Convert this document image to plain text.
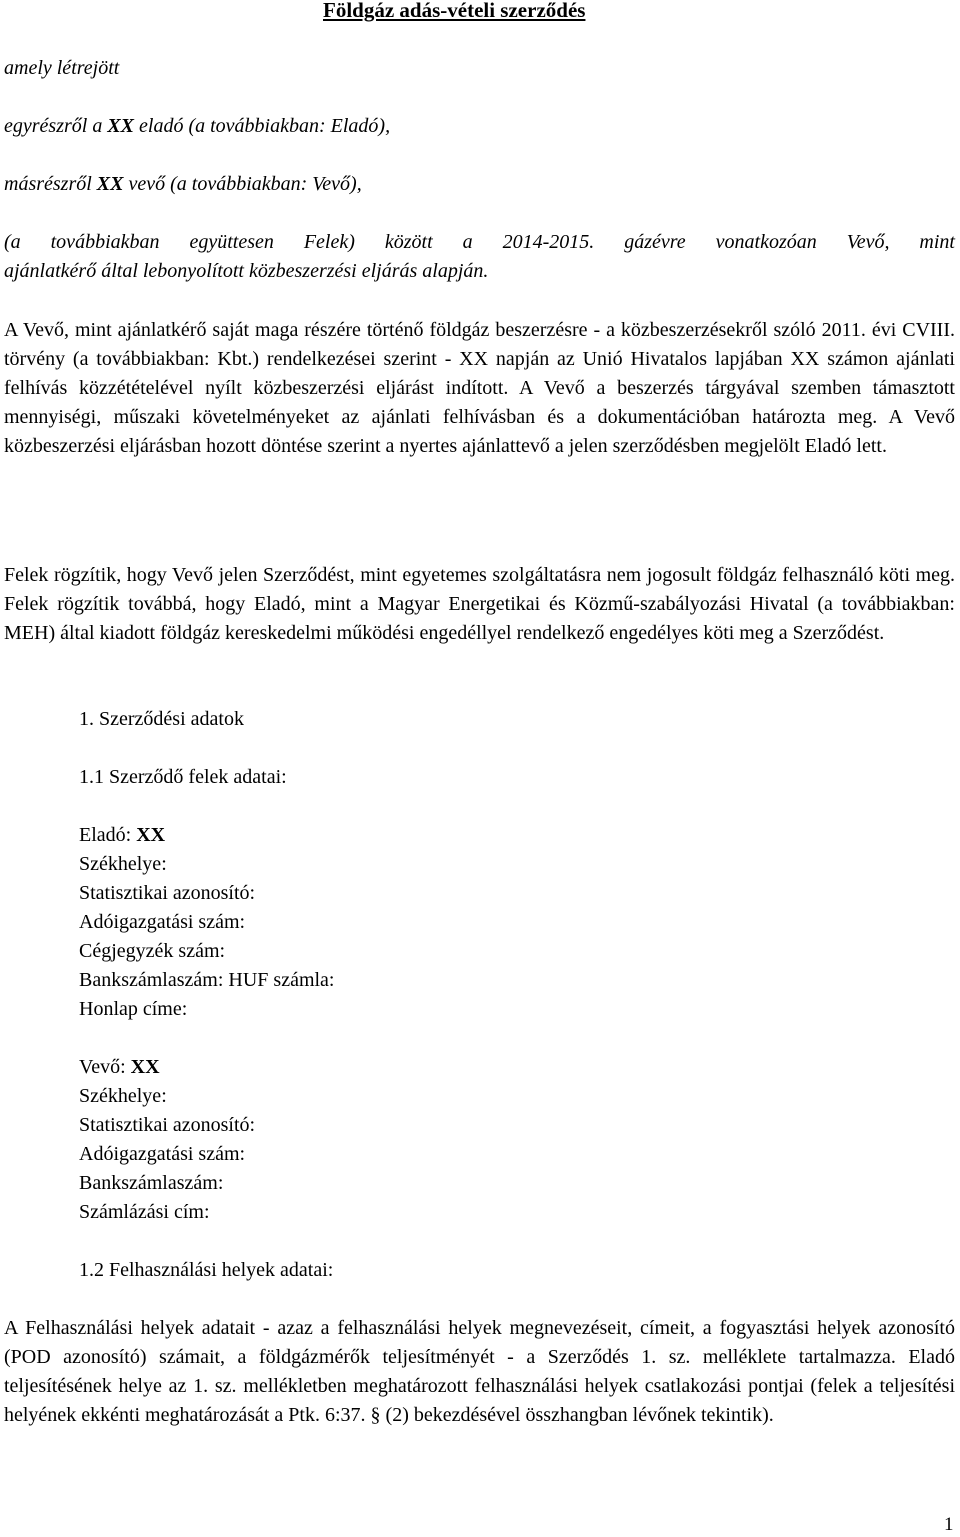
Földgáz adás-vételi szerződés
amely létrejött
egyrészről a XX eladó (a továbbiakban: Eladó),
másrészről XX vevő (a továbbiakban: Vevő),

(a továbbiakban együttesen Felek) között a 2014-2015. gázévre vonatkozóan Vevő, mint

ajánlatkérő által lebonyolított közbeszerzési eljárás alapján.

A Vevő, mint ajánlatkérő saját maga részére történő földgáz beszerzésre - a közbeszerzésekről szóló 2011. évi CVIII. törvény (a továbbiakban: Kbt.) rendelkezései szerint - XX napján az Unió Hivatalos lapjában XX számon ajánlati felhívás közzétételével nyílt közbeszerzési eljárást indított. A Vevő a beszerzés tárgyával szemben támasztott mennyiségi, műszaki követelményeket az ajánlati felhívásban és a dokumentációban határozta meg. A Vevő közbeszerzési eljárásban hozott döntése szerint a nyertes ajánlattevő a jelen szerződésben megjelölt Eladó lett.

Felek rögzítik, hogy Vevő jelen Szerződést, mint egyetemes szolgáltatásra nem jogosult földgáz felhasználó köti meg. Felek rögzítik továbbá, hogy Eladó, mint a Magyar Energetikai és Közmű-szabályozási Hivatal (a továbbiakban: MEH) által kiadott földgáz kereskedelmi működési engedéllyel rendelkező engedélyes köti meg a Szerződést.

1. Szerződési adatok
1.1 Szerződő felek adatai:
Eladó: XX
Székhelye:
Statisztikai azonosító:
Adóigazgatási szám:
Cégjegyzék szám:
Bankszámlaszám: HUF számla:
Honlap címe:
Vevő: XX
Székhelye:
Statisztikai azonosító:
Adóigazgatási szám:
Bankszámlaszám:
Számlázási cím:
1.2 Felhasználási helyek adatai:

A Felhasználási helyek adatait - azaz a felhasználási helyek megnevezéseit, címeit, a fogyasztási helyek azonosító (POD azonosító) számait, a földgázmérők teljesítményét - a Szerződés 1. sz. melléklete tartalmazza. Eladó teljesítésének helye az 1. sz. mellékletben meghatározott felhasználási helyek csatlakozási pontjai (felek a teljesítési helyének ekkénti meghatározását a Ptk. 6:37. § (2) bekezdésével összhangban lévőnek tekintik).

1
